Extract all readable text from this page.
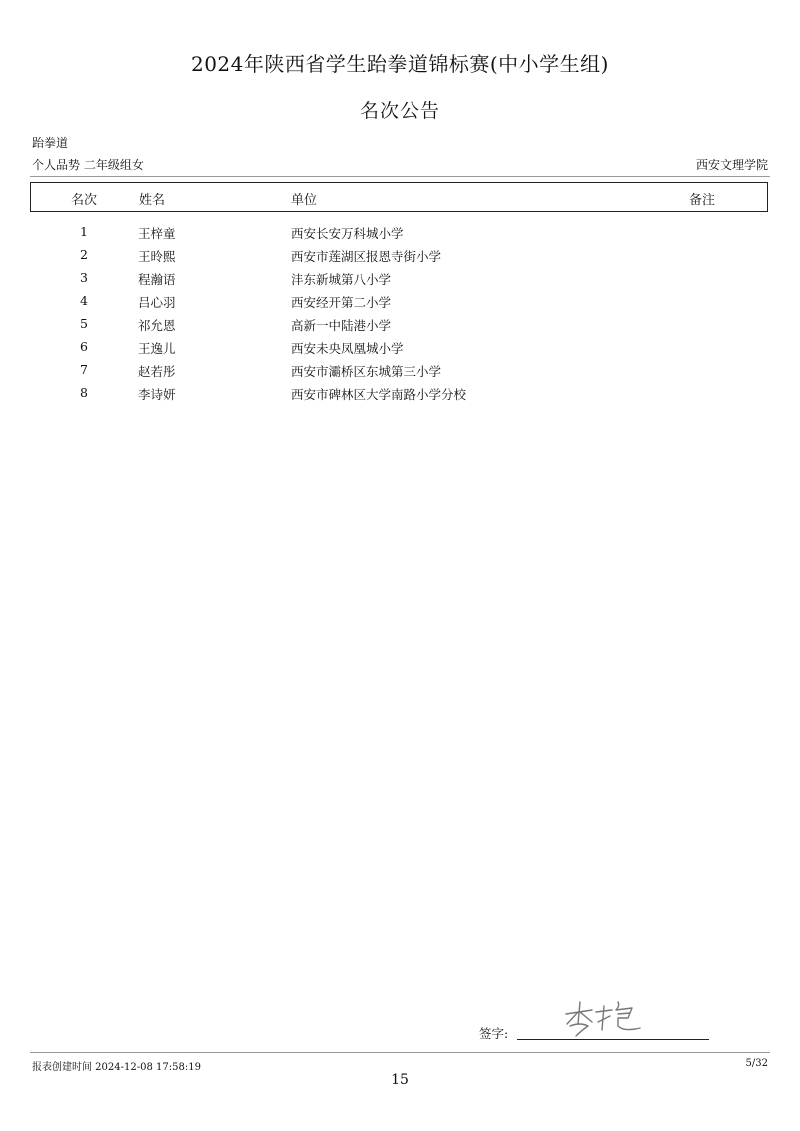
2024年陕西省学生跆拳道锦标赛(中小学生组)
名次公告
跆拳道
个人品势 二年级组女	西安文理学院
名次	姓名	单位	备注
1	王梓童	西安长安万科城小学
2	王昤熙	西安市莲湖区报恩寺街小学
3	程瀚语	沣东新城第八小学
4	吕心羽	西安经开第二小学
5	祁允恩	高新一中陆港小学
6	王逸儿	西安未央凤凰城小学
7	赵若彤	西安市灞桥区东城第三小学
8	李诗妍	西安市碑林区大学南路小学分校
签字:
报表创建时间 2024-12-08 17:58:19	5/32
15
